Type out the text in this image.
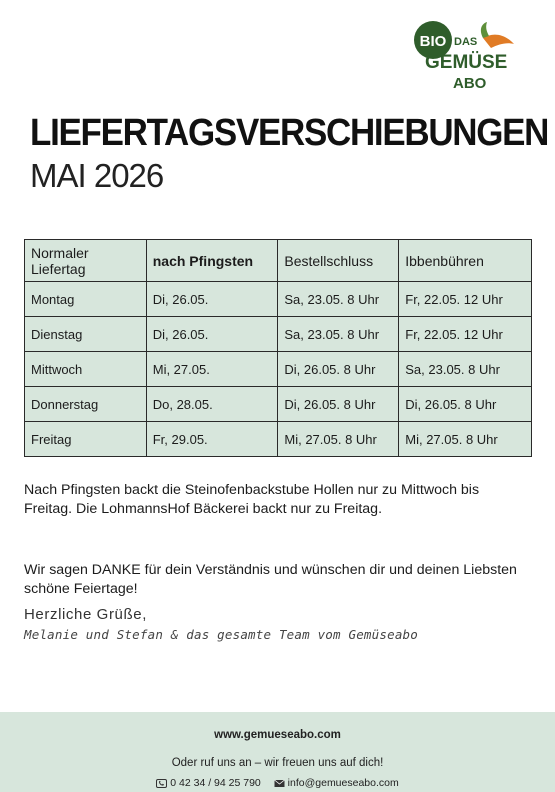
BIO DAS
GEMÜSE
ABO
LIEFERTAGSVERSCHIEBUNGEN
MAI 2026
Normaler Liefertag	nach Pfingsten	Bestellschluss	Ibbenbühren
Montag	Di, 26.05.	Sa, 23.05. 8 Uhr	Fr, 22.05. 12 Uhr
Dienstag	Di, 26.05.	Sa, 23.05. 8 Uhr	Fr, 22.05. 12 Uhr
Mittwoch	Mi, 27.05.	Di, 26.05. 8 Uhr	Sa, 23.05. 8 Uhr
Donnerstag	Do, 28.05.	Di, 26.05. 8 Uhr	Di, 26.05. 8 Uhr
Freitag	Fr, 29.05.	Mi, 27.05. 8 Uhr	Mi, 27.05. 8 Uhr

Nach Pfingsten backt die Steinofenbackstube Hollen nur zu Mittwoch bis Freitag. Die LohmannsHof Bäckerei backt nur zu Freitag.

Wir sagen DANKE für dein Verständnis und wünschen dir und deinen Liebsten schöne Feiertage!

Herzliche Grüße,

Melanie und Stefan & das gesamte Team vom Gemüseabo

www.gemueseabo.com
Oder ruf uns an – wir freuen uns auf dich!
0 42 34 / 94 25 790	info@gemueseabo.com
